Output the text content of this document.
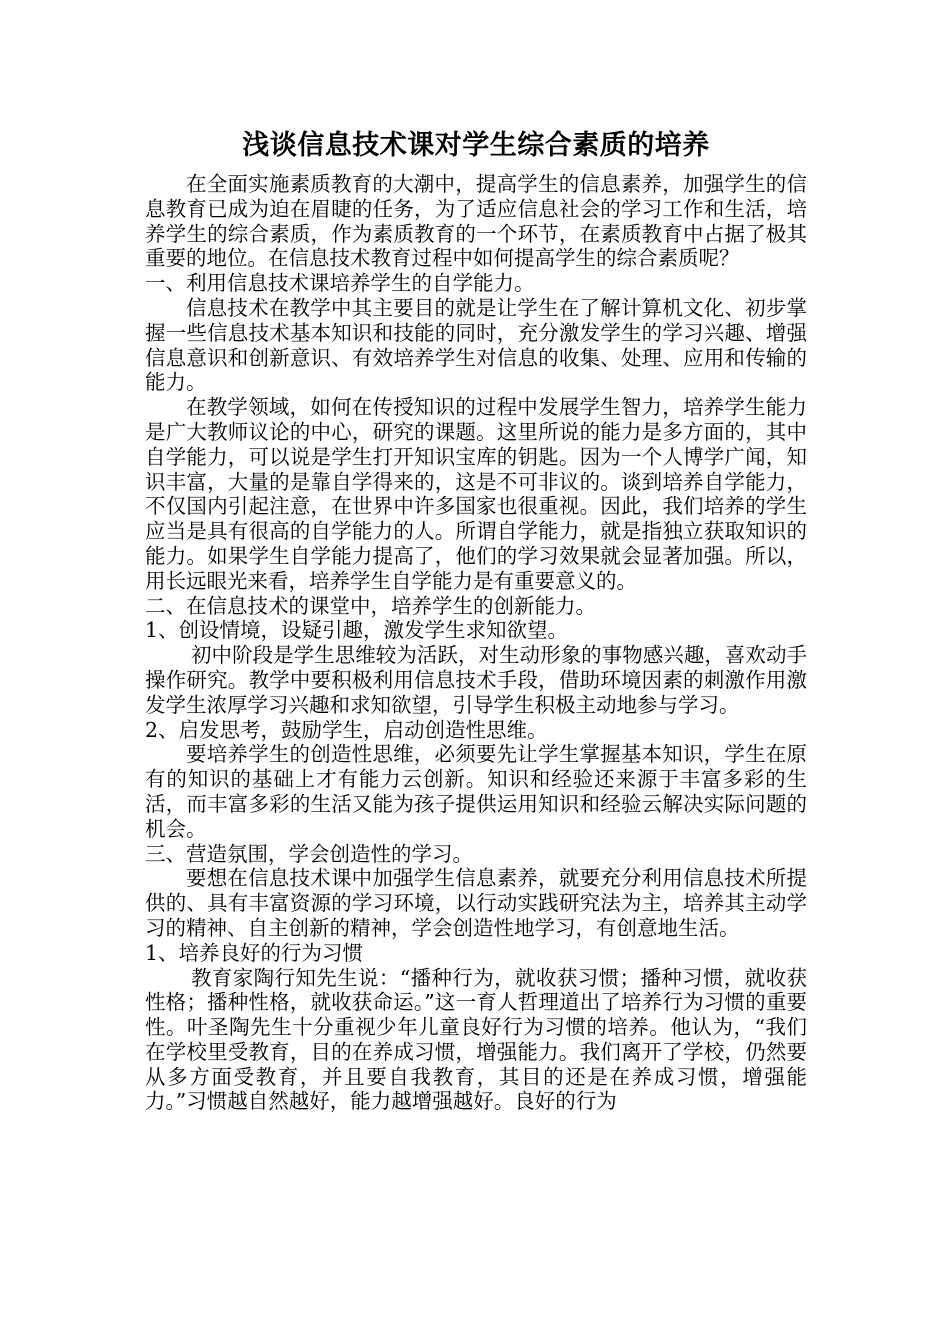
浅谈信息技术课对学生综合素质的培养

在全面实施素质教育的大潮中，提高学生的信息素养，加强学生的信息教育已成为迫在眉睫的任务，为了适应信息社会的学习工作和生活，培养学生的综合素质，作为素质教育的一个环节，在素质教育中占据了极其重要的地位。在信息技术教育过程中如何提高学生的综合素质呢？

一、利用信息技术课培养学生的自学能力。

信息技术在教学中其主要目的就是让学生在了解计算机文化、初步掌握一些信息技术基本知识和技能的同时，充分激发学生的学习兴趣、增强信息意识和创新意识、有效培养学生对信息的收集、处理、应用和传输的能力。

在教学领域，如何在传授知识的过程中发展学生智力，培养学生能力是广大教师议论的中心，研究的课题。这里所说的能力是多方面的，其中自学能力，可以说是学生打开知识宝库的钥匙。因为一个人博学广闻，知识丰富，大量的是靠自学得来的，这是不可非议的。谈到培养自学能力，不仅国内引起注意，在世界中许多国家也很重视。因此，我们培养的学生应当是具有很高的自学能力的人。所谓自学能力，就是指独立获取知识的能力。如果学生自学能力提高了，他们的学习效果就会显著加强。所以，用长远眼光来看，培养学生自学能力是有重要意义的。

二、在信息技术的课堂中，培养学生的创新能力。

1、创设情境，设疑引趣，激发学生求知欲望。

初中阶段是学生思维较为活跃，对生动形象的事物感兴趣，喜欢动手操作研究。教学中要积极利用信息技术手段，借助环境因素的刺激作用激发学生浓厚学习兴趣和求知欲望，引导学生积极主动地参与学习。

2、启发思考，鼓励学生，启动创造性思维。

要培养学生的创造性思维，必须要先让学生掌握基本知识，学生在原有的知识的基础上才有能力云创新。知识和经验还来源于丰富多彩的生活，而丰富多彩的生活又能为孩子提供运用知识和经验云解决实际问题的机会。

三、营造氛围，学会创造性的学习。

要想在信息技术课中加强学生信息素养，就要充分利用信息技术所提供的、具有丰富资源的学习环境，以行动实践研究法为主，培养其主动学习的精神、自主创新的精神，学会创造性地学习，有创意地生活。

1、培养良好的行为习惯

教育家陶行知先生说：“播种行为，就收获习惯；播种习惯，就收获性格；播种性格，就收获命运。”这一育人哲理道出了培养行为习惯的重要性。叶圣陶先生十分重视少年儿童良好行为习惯的培养。他认为，“我们在学校里受教育，目的在养成习惯，增强能力。我们离开了学校，仍然要从多方面受教育，并且要自我教育，其目的还是在养成习惯，增强能力。”习惯越自然越好，能力越增强越好。良好的行为
